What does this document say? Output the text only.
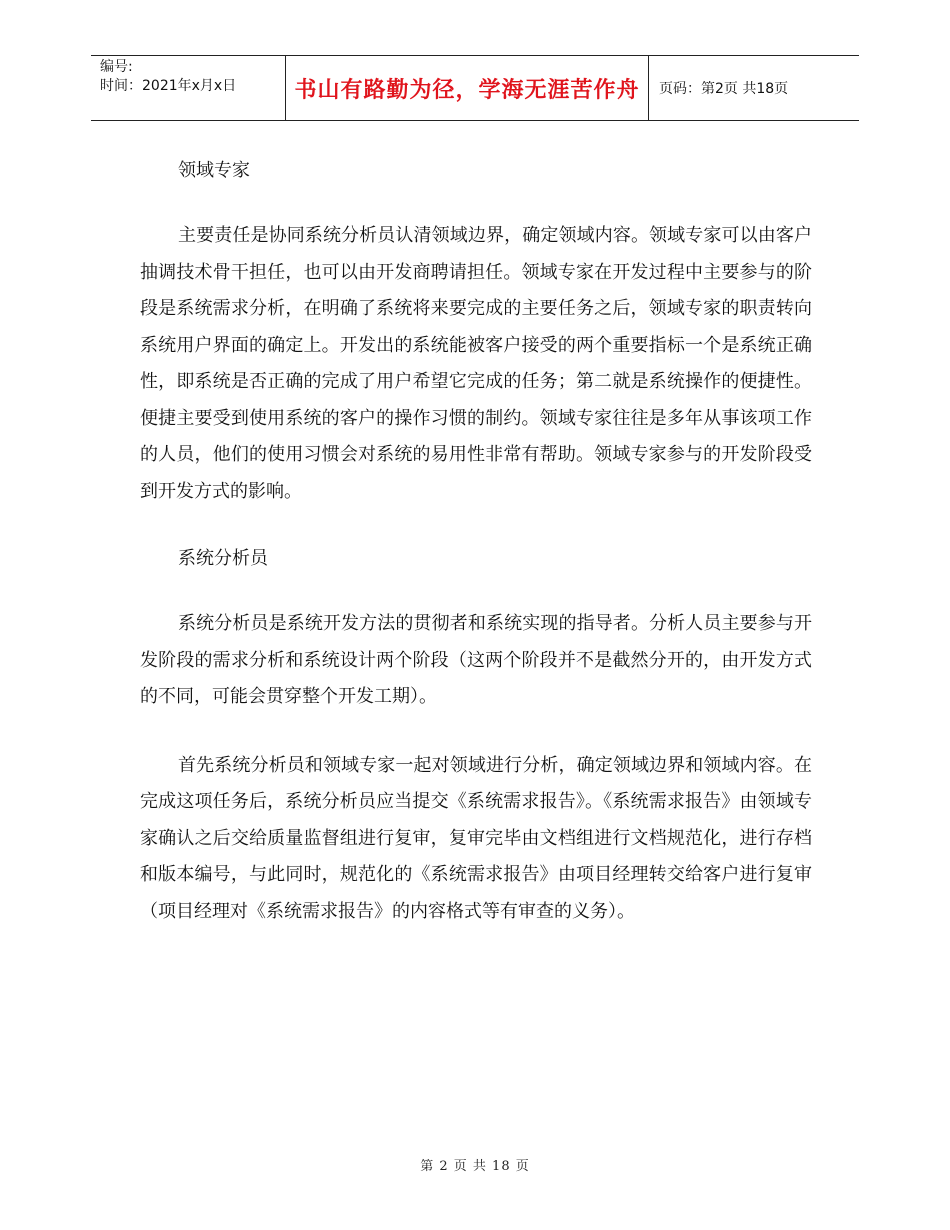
编号:
时间：2021年x月x日	书山有路勤为径，学海无涯苦作舟	页码：第2页 共18页

领域专家

主要责任是协同系统分析员认清领域边界，确定领域内容。领域专家可以由客户抽调技术骨干担任，也可以由开发商聘请担任。领域专家在开发过程中主要参与的阶段是系统需求分析，在明确了系统将来要完成的主要任务之后，领域专家的职责转向系统用户界面的确定上。开发出的系统能被客户接受的两个重要指标一个是系统正确性，即系统是否正确的完成了用户希望它完成的任务；第二就是系统操作的便捷性。便捷主要受到使用系统的客户的操作习惯的制约。领域专家往往是多年从事该项工作的人员，他们的使用习惯会对系统的易用性非常有帮助。领域专家参与的开发阶段受到开发方式的影响。

系统分析员

系统分析员是系统开发方法的贯彻者和系统实现的指导者。分析人员主要参与开发阶段的需求分析和系统设计两个阶段（这两个阶段并不是截然分开的，由开发方式的不同，可能会贯穿整个开发工期）。

首先系统分析员和领域专家一起对领域进行分析，确定领域边界和领域内容。在完成这项任务后，系统分析员应当提交《系统需求报告》。《系统需求报告》由领域专家确认之后交给质量监督组进行复审，复审完毕由文档组进行文档规范化，进行存档和版本编号，与此同时，规范化的《系统需求报告》由项目经理转交给客户进行复审（项目经理对《系统需求报告》的内容格式等有审查的义务）。

第 2 页 共 18 页
